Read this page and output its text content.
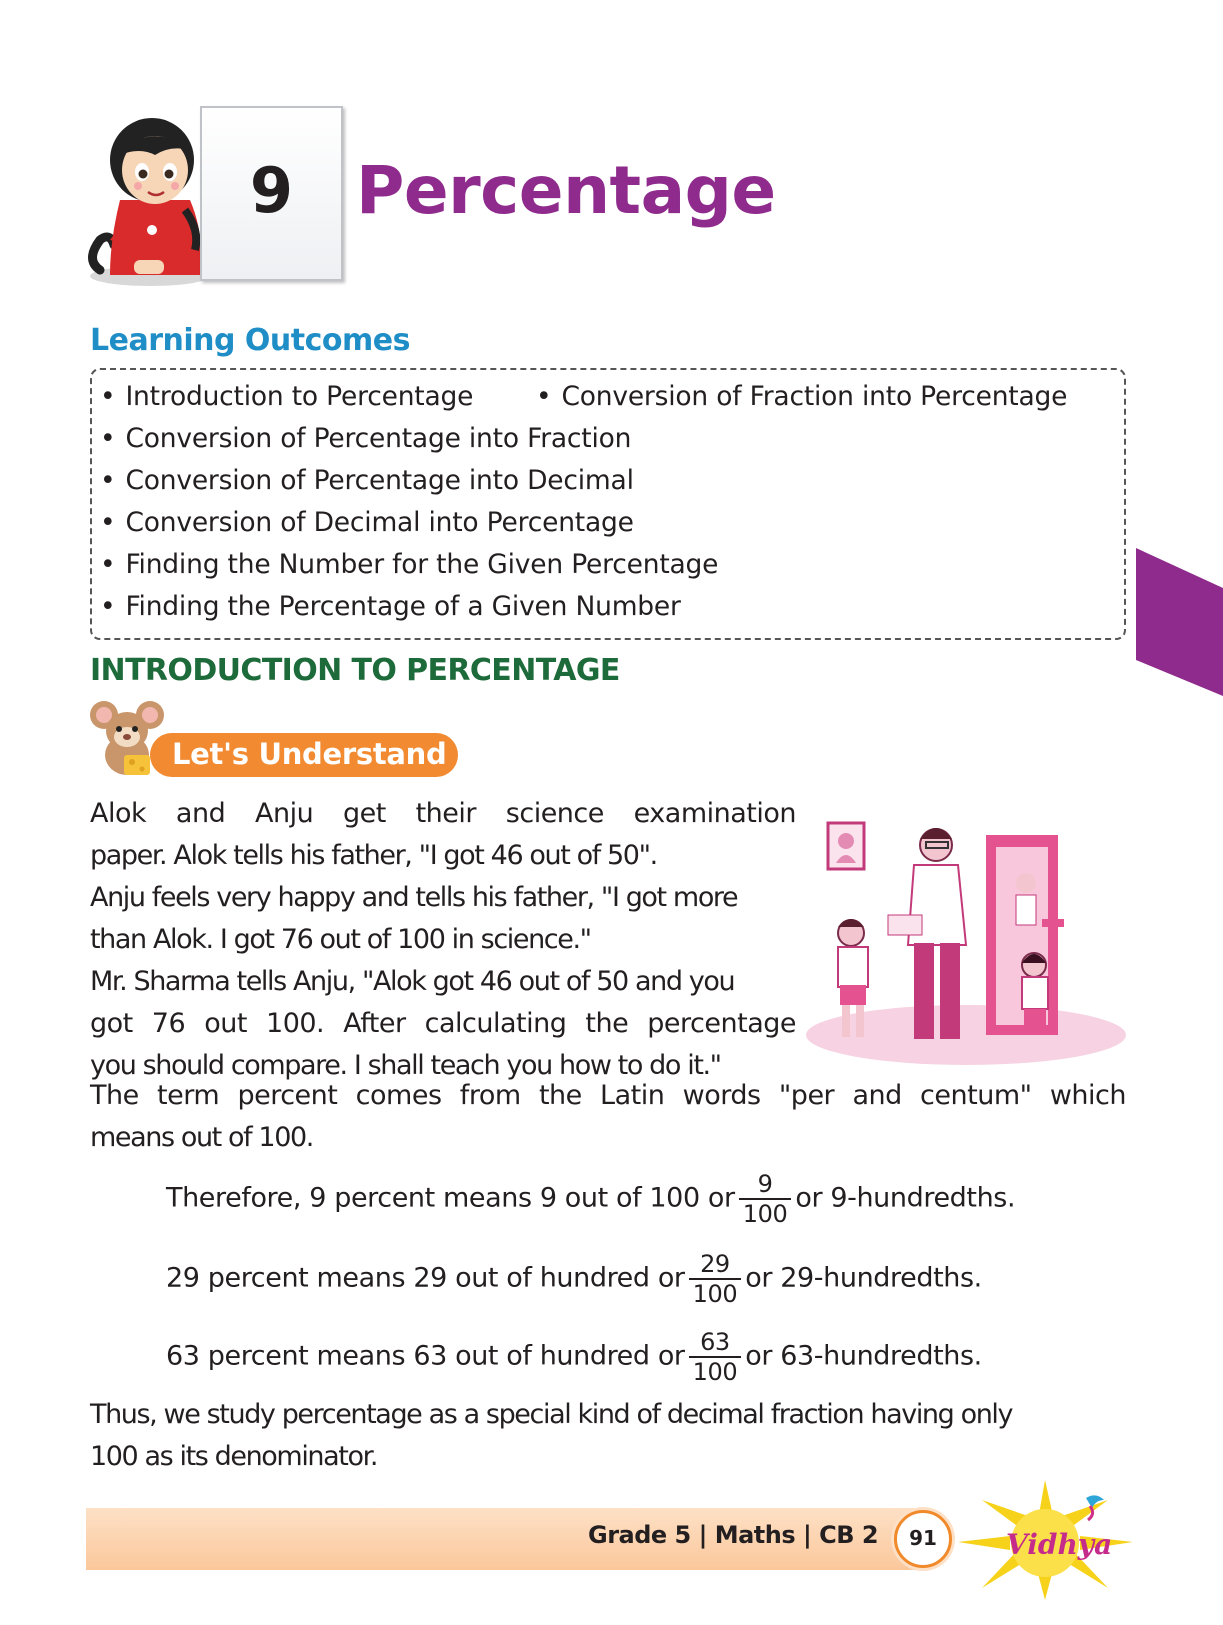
9 Percentage
Learning Outcomes
• Introduction to Percentage
•	Conversion of Fraction into Percentage
• Conversion of Percentage into Fraction
• Conversion of Percentage into Decimal
• Conversion of Decimal into Percentage
• Finding the Number for the Given Percentage
• Finding the Percentage of a Given Number
INTRODUCTION TO PERCENTAGE
Let's Understand
Alok and Anju get their science examination
paper. Alok tells his father, "I got 46 out of 50".
Anju feels very happy and tells his father, "I got more
than Alok. I got 76 out of 100 in science."
Mr. Sharma tells Anju, "Alok got 46 out of 50 and you
got 76 out 100. After calculating the percentage
you should compare. I shall teach you how to do it."
The term percent comes from the Latin words "per and centum" which
means out of 100.
Therefore, 9 percent means 9 out of 100 or $\frac{9}{100}$ or 9-hundredths.
29 percent means 29 out of hundred or $\frac{29}{100}$ or 29-hundredths.
63 percent means 63 out of hundred or $\frac{63}{100}$ or 63-hundredths.
Thus, we study percentage as a special kind of decimal fraction having only
100 as its denominator.
Grade 5 | Maths | CB 2	91	Vidhya
